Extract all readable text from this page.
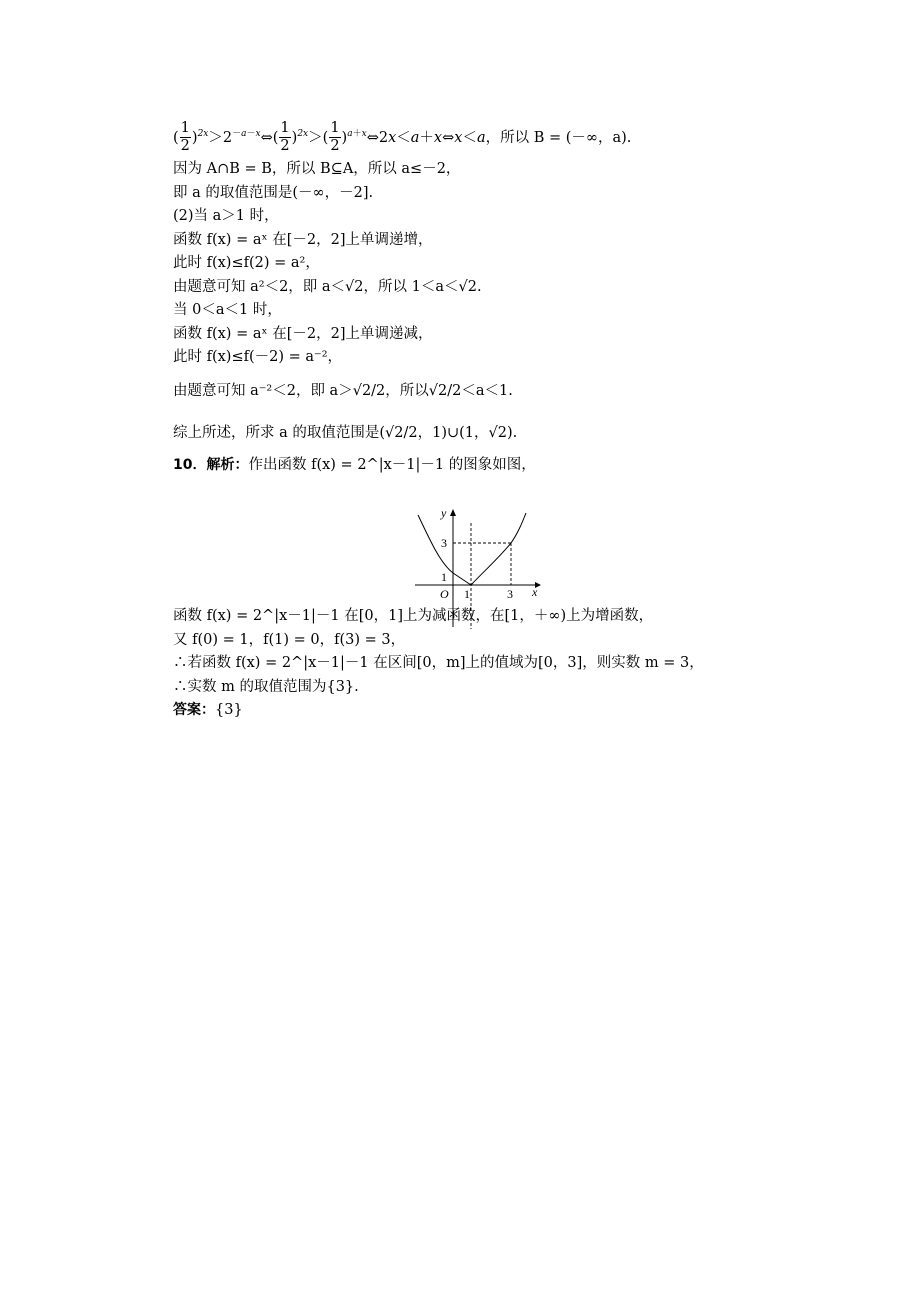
( $\frac{1}{2}$ )$^{2x}>2^{-a-x}\Leftrightarrow( \frac{1}{2} )^{2x}>( \frac{1}{2}$ )$^{a+x}\Leftrightarrow 2x<a+x\Leftrightarrow x<a$，所以 B = (－∞，a).
因为 A∩B = B，所以 B⊆A，所以 a≤－2，
即 a 的取值范围是(－∞，－2].
(2)当 a＞1 时，
函数 f(x) = aˣ 在[－2，2]上单调递增，
此时 f(x)≤f(2) = a²，
由题意可知 a²＜2，即 a＜√2，所以 1＜a＜√2.
当 0＜a＜1 时，
函数 f(x) = aˣ 在[－2，2]上单调递减，
此时 f(x)≤f(－2) = a⁻²，
由题意可知 a⁻²＜2，即 a＞√2/2，所以√2/2＜a＜1.
综上所述，所求 a 的取值范围是(√2/2，1)∪(1，√2).
10．解析：作出函数 f(x) = 2^|x－1|－1 的图象如图，
函数 f(x) = 2^|x－1|－1 在[0，1]上为减函数，在[1，＋∞)上为增函数，
又 f(0) = 1，f(1) = 0，f(3) = 3，
∴若函数 f(x) = 2^|x－1|－1 在区间[0，m]上的值域为[0，3]，则实数 m = 3，
∴实数 m 的取值范围为{3}.
答案：{3}
y
x
O 1	3
1
3
